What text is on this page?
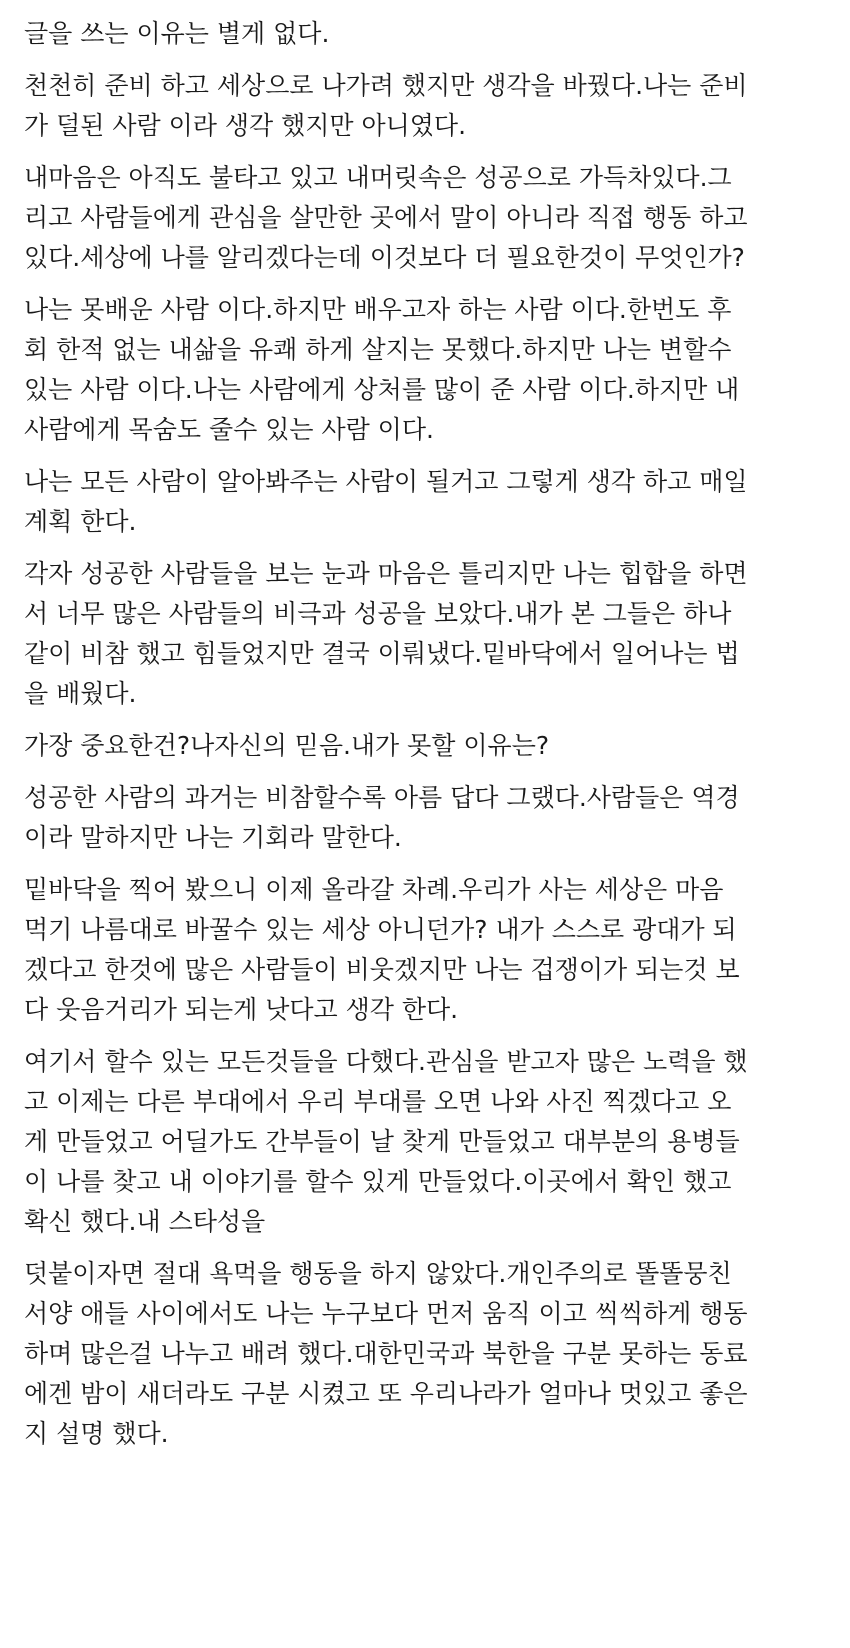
글을 쓰는 이유는 별게 없다.
천천히 준비 하고 세상으로 나가려 했지만 생각을 바꿨다.나는 준비
가 덜된 사람 이라 생각 했지만 아니였다.
내마음은 아직도 불타고 있고 내머릿속은 성공으로 가득차있다.그
리고 사람들에게 관심을 살만한 곳에서 말이 아니라 직접 행동 하고
있다.세상에 나를 알리겠다는데 이것보다 더 필요한것이 무엇인가?
나는 못배운 사람 이다.하지만 배우고자 하는 사람 이다.한번도 후
회 한적 없는 내삶을 유쾌 하게 살지는 못했다.하지만 나는 변할수
있는 사람 이다.나는 사람에게 상처를 많이 준 사람 이다.하지만 내
사람에게 목숨도 줄수 있는 사람 이다.
나는 모든 사람이 알아봐주는 사람이 될거고 그렇게 생각 하고 매일
계획 한다.
각자 성공한 사람들을 보는 눈과 마음은 틀리지만 나는 힙합을 하면
서 너무 많은 사람들의 비극과 성공을 보았다.내가 본 그들은 하나
같이 비참 했고 힘들었지만 결국 이뤄냈다.밑바닥에서 일어나는 법
을 배웠다.
가장 중요한건?나자신의 믿음.내가 못할 이유는?
성공한 사람의 과거는 비참할수록 아름 답다 그랬다.사람들은 역경
이라 말하지만 나는 기회라 말한다.
밑바닥을 찍어 봤으니 이제 올라갈 차례.우리가 사는 세상은 마음
먹기 나름대로 바꿀수 있는 세상 아니던가? 내가 스스로 광대가 되
겠다고 한것에 많은 사람들이 비웃겠지만 나는 겁쟁이가 되는것 보
다 웃음거리가 되는게 낫다고 생각 한다.
여기서 할수 있는 모든것들을 다했다.관심을 받고자 많은 노력을 했
고 이제는 다른 부대에서 우리 부대를 오면 나와 사진 찍겠다고 오
게 만들었고 어딜가도 간부들이 날 찾게 만들었고 대부분의 용병들
이 나를 찾고 내 이야기를 할수 있게 만들었다.이곳에서 확인 했고
확신 했다.내 스타성을
덧붙이자면 절대 욕먹을 행동을 하지 않았다.개인주의로 똘똘뭉친
서양 애들 사이에서도 나는 누구보다 먼저 움직 이고 씩씩하게 행동
하며 많은걸 나누고 배려 했다.대한민국과 북한을 구분 못하는 동료
에겐 밤이 새더라도 구분 시켰고 또 우리나라가 얼마나 멋있고 좋은
지 설명 했다.
